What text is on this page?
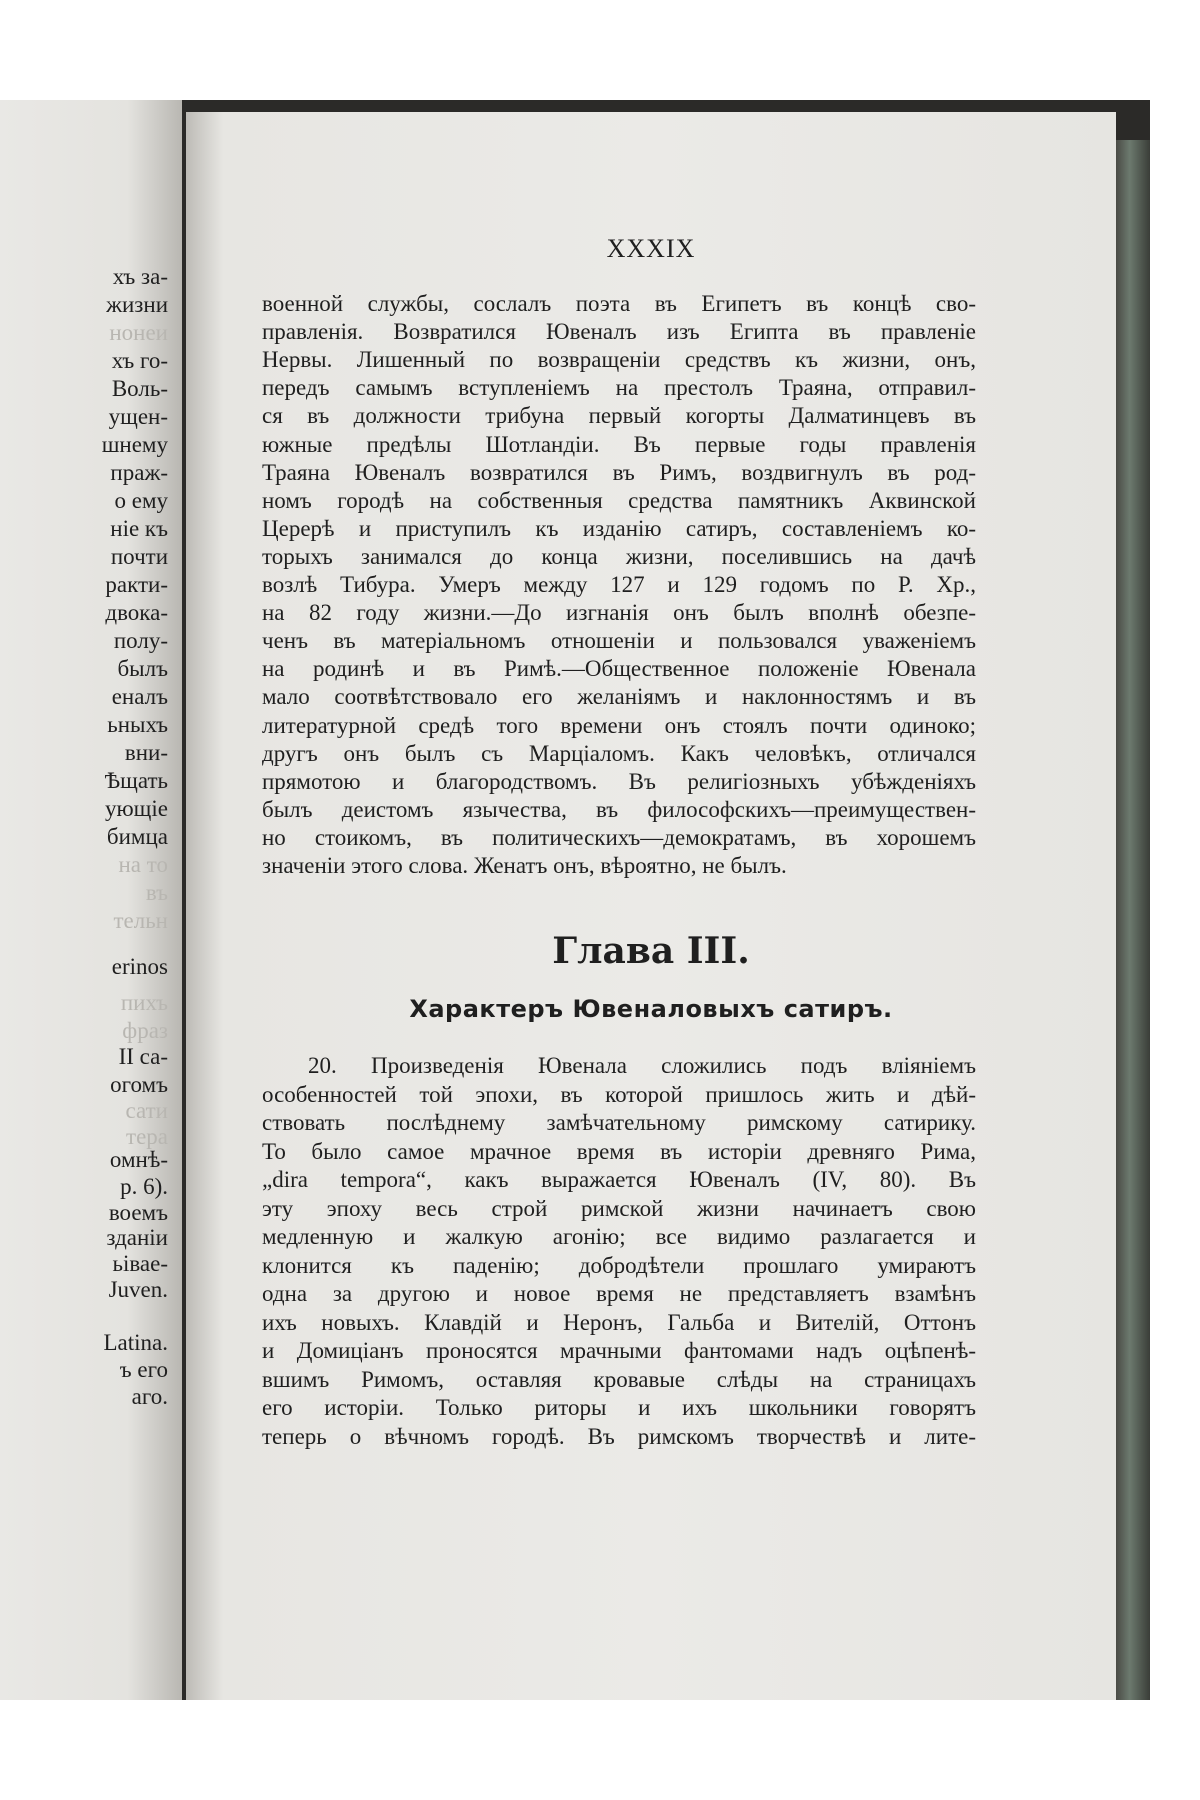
хъ за-
жизни
нонеи
хъ го-
Воль-
ущен-
шнему
праж-
о ему
ніе къ
почти
ракти-
двока-
полу-
былъ
еналъ
ьныхъ
вни-
Ѣщать
ующіе
бимца
на то
въ
тельн
erinos
пихъ
фраз
II са-
огомъ
сати
тера
омнѣ-
p. 6).
воемъ
зданіи
ьівае-
Juven.
Latina.
ъ его
аго.
XXXIX
Глава III.
Характеръ Ювеналовыхъ сатиръ.
военной службы, сослалъ поэта въ Египетъ въ концѣ сво-
правленія. Возвратился Ювеналъ изъ Египта въ правленіе
Нервы. Лишенный по возвращеніи средствъ къ жизни, онъ,
передъ самымъ вступленіемъ на престолъ Траяна, отправил-
ся въ должности трибуна первый когорты Далматинцевъ въ
южные предѣлы Шотландіи. Въ первые годы правленія
Траяна Ювеналъ возвратился въ Римъ, воздвигнулъ въ род-
номъ городѣ на собственныя средства памятникъ Аквинской
Церерѣ и приступилъ къ изданію сатиръ, составленіемъ ко-
торыхъ занимался до конца жизни, поселившись на дачѣ
возлѣ Тибура. Умеръ между 127 и 129 годомъ по Р. Хр.,
на 82 году жизни.—До изгнанія онъ былъ вполнѣ обезпе-
ченъ въ матеріальномъ отношеніи и пользовался уваженіемъ
на родинѣ и въ Римѣ.—Общественное положеніе Ювенала
мало соотвѣтствовало его желаніямъ и наклонностямъ и въ
литературной средѣ того времени онъ стоялъ почти одиноко;
другъ онъ былъ съ Марціаломъ. Какъ человѣкъ, отличался
прямотою и благородствомъ. Въ религіозныхъ убѣжденіяхъ
былъ деистомъ язычества, въ философскихъ—преимуществен-
но стоикомъ, въ политическихъ—демократамъ, въ хорошемъ
значеніи этого слова. Женатъ онъ, вѣроятно, не былъ.
20. Произведенія Ювенала сложились подъ вліяніемъ
особенностей той эпохи, въ которой пришлось жить и дѣй-
ствовать послѣднему замѣчательному римскому сатирику.
То было самое мрачное время въ исторіи древняго Рима,
„dira tempora“, какъ выражается Ювеналъ (IV, 80). Въ
эту эпоху весь строй римской жизни начинаетъ свою
медленную и жалкую агонію; все видимо разлагается и
клонится къ паденію; добродѣтели прошлаго умираютъ
одна за другою и новое время не представляетъ взамѣнъ
ихъ новыхъ. Клавдій и Неронъ, Гальба и Вителій, Оттонъ
и Домиціанъ проносятся мрачными фантомами надъ оцѣпенѣ-
вшимъ Римомъ, оставляя кровавые слѣды на страницахъ
его исторіи. Только риторы и ихъ школьники говорятъ
теперь о вѣчномъ городѣ. Въ римскомъ творчествѣ и лите-
